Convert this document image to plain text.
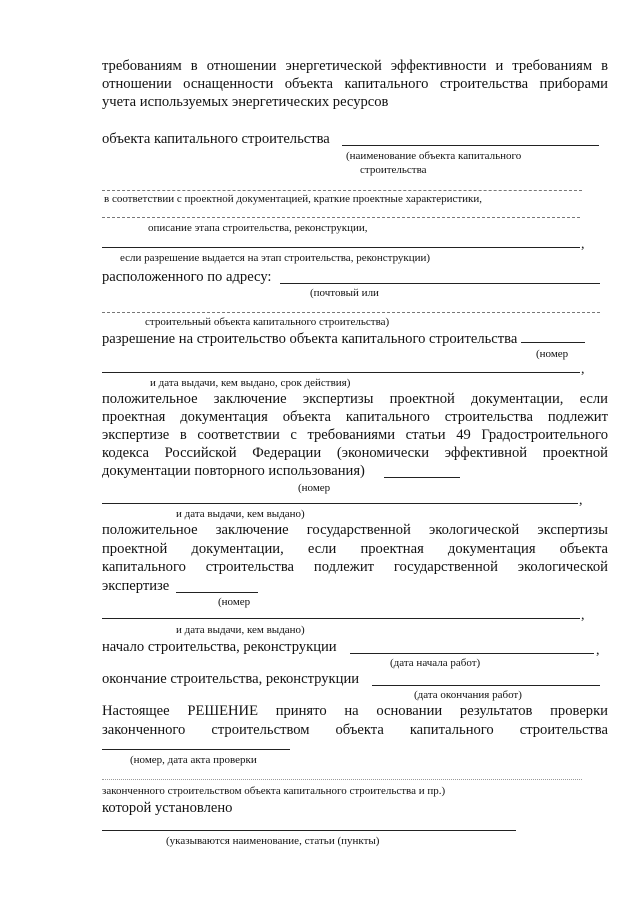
требованиям в отношении энергетической эффективности и требованиям в
отношении оснащенности объекта капитального строительства приборами
учета используемых энергетических ресурсов
объекта капитального строительства
(наименование объекта капитального
строительства
в соответствии с проектной документацией, краткие проектные характеристики,
описание этапа строительства, реконструкции,
,
если разрешение выдается на этап строительства, реконструкции)
расположенного по адресу:
(почтовый или
строительный объекта капитального строительства)
разрешение на строительство объекта капитального строительства
(номер
,
и дата выдачи, кем выдано, срок действия)
положительное заключение экспертизы проектной документации, если
проектная документация объекта капитального строительства подлежит
экспертизе в соответствии с требованиями статьи 49 Градостроительного
кодекса Российской Федерации (экономически эффективной проектной
документации повторного использования)
(номер
,
и дата выдачи, кем выдано)
положительное заключение государственной экологической экспертизы
проектной документации, если проектная документация объекта
капитального строительства подлежит государственной экологической
экспертизе
(номер
,
и дата выдачи, кем выдано)
начало строительства, реконструкции	,
(дата начала работ)
окончание строительства, реконструкции
(дата окончания работ)
Настоящее РЕШЕНИЕ принято на основании результатов проверки
законченного строительством объекта капитального строительства
(номер, дата акта проверки
законченного строительством объекта капитального строительства и пр.)
которой установлено
(указываются наименование, статьи (пункты)
